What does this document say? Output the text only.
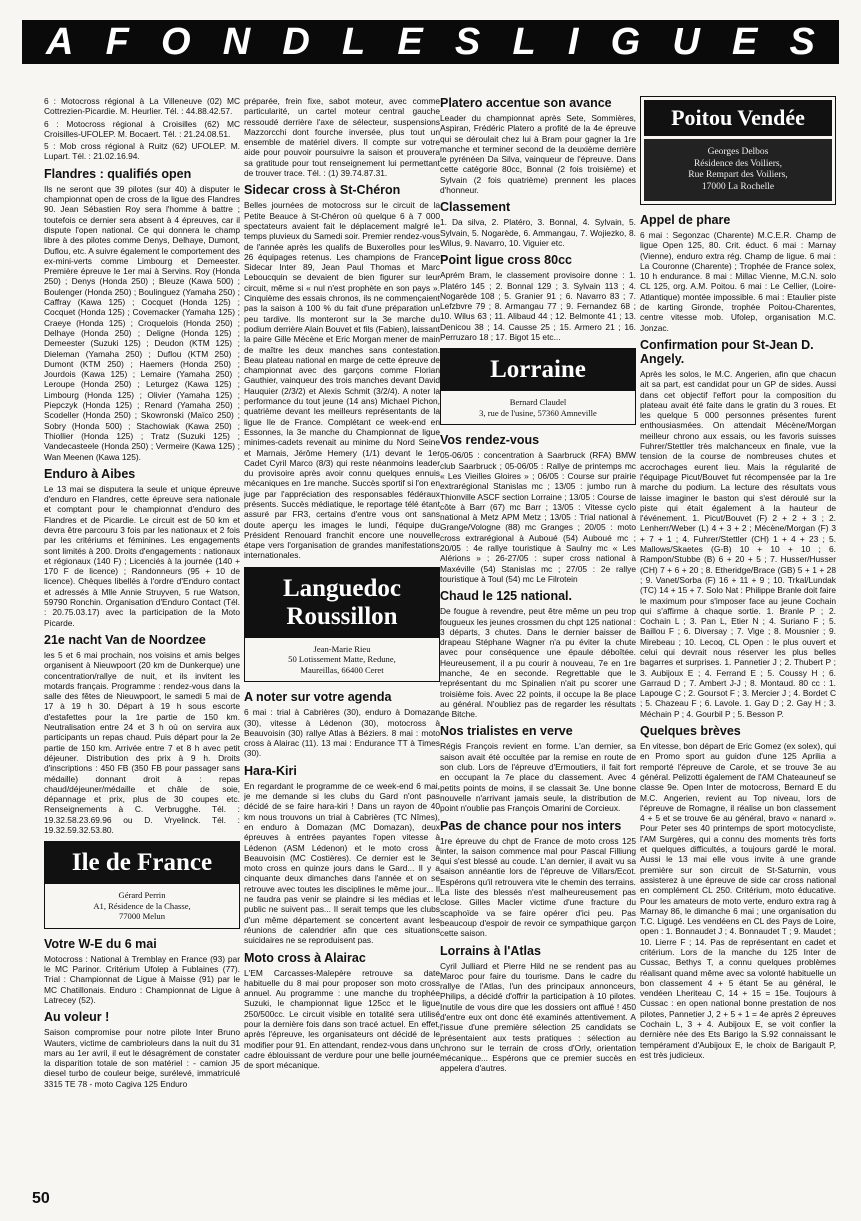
A F O N D L E S L I G U E S

6 : Motocross régional à La Villeneuve (02) MC Cottrezien-Picardie. M. Heurlier. Tél. : 44.88.42.57.

6 : Motocross régional à Croisilles (62) MC Croisilles-UFOLEP. M. Bocaert. Tél. : 21.24.08.51.

5 : Mob cross régional à Ruitz (62) UFOLEP. M. Lupart. Tél. : 21.02.16.94.

Flandres : qualifiés open

Ils ne seront que 39 pilotes (sur 40) à disputer le championnat open de cross de la ligue des Flandres 90. Jean Sébastien Roy sera l'homme à battre ; toutefois ce dernier sera absent à 4 épreuves, car il dispute l'open national. Ce qui donnera le champ libre à des pilotes comme Denys, Delhaye, Dumont, Duflou, etc. A suivre également le comportement des ex-mini-verts comme Limbourg et Demeester. Première épreuve le 1er mai à Servins. Roy (Honda 250) ; Denys (Honda 250) ; Bleuze (Kawa 500) ; Boulenger (Honda 250) ; Boulinguez (Yamaha 250) ; Caffray (Kawa 125) ; Cocquet (Honda 125) ; Cocquet (Honda 125) ; Covemacker (Yamaha 125) ; Craeye (Honda 125) ; Croquelois (Honda 250) ; Delhaye (Honda 250) ; Deligne (Honda 125) ; Demeester (Suzuki 125) ; Deudon (KTM 125) ; Dieleman (Yamaha 250) ; Duflou (KTM 250) ; Dumont (KTM 250) ; Haemers (Honda 250) ; Jourdois (Kawa 125) ; Lemaire (Yamaha 250) ; Leroupe (Honda 250) ; Leturgez (Kawa 125) ; Limbourg (Honda 125) ; Olivier (Yamaha 125) ; Piepczyk (Honda 125) ; Renard (Yamaha 250) ; Scodeller (Honda 250) ; Skowronski (Maïco 250) ; Sobry (Honda 500) ; Stachowiak (Kawa 250) ; Thiollier (Honda 125) ; Tratz (Suzuki 125) ; Vandecasteele (Honda 250) ; Vermeire (Kawa 125) ; Wan Meenen (Kawa 125).

Enduro à Aibes

Le 13 mai se disputera la seule et unique épreuve d'enduro en Flandres, cette épreuve sera nationale et comptant pour le championnat d'enduro des Flandres et de Picardie. Le circuit est de 50 km et devra être parcouru 3 fois par les nationaux et 2 fois par les critériums et féminines. Les engagements sont limités à 200. Droits d'engagements : nationaux et régionaux (140 F) ; Licenciés à la journée (140 + 170 F de licence) ; Randonneurs (95 + 10 de licence). Chèques libellés à l'ordre d'Enduro contact et adressés à Mlle Annie Struyven, 5 rue Watson, 59790 Ronchin. Organisation d'Enduro Contact (Tél. : 20.75.03.17) avec la participation de la Moto Picarde.

21e nacht Van de Noordzee

les 5 et 6 mai prochain, nos voisins et amis belges organisent à Nieuwpoort (20 km de Dunkerque) une concentration/rallye de nuit, et ils invitent les motards français. Programme : rendez-vous dans la salle des fêtes de Nieuwpoort, le samedi 5 mai de 17 à 19 h 30. Départ à 19 h sous escorte d'estafettes pour la 1re partie de 150 km. Neutralisation entre 24 et 3 h où on servira aux participants un repas chaud. Puis départ pour la 2e partie de 150 km. Arrivée entre 7 et 8 h avec petit déjeuner. Distribution des prix à 9 h. Droits d'inscriptions : 450 FB (350 FB pour passager sans médaille) donnant droit à : repas chaud/déjeuner/médaille et châle de soie, dépannage et prix, plus de 30 coupes etc. Renseignements à C. Verbrugghe. Tél. : 19.32.58.23.69.96 ou D. Vryelinck. Tél. : 19.32.59.32.53.80.

Ile de France
Gérard Perrin
A1, Résidence de la Chasse,
77000 Melun
Votre W-E du 6 mai

Motocross : National à Tremblay en France (93) par le MC Parinor. Critérium Ufolep à Fublaines (77). Trial : Championnat de Ligue à Maisse (91) par le MC Chatillonais. Enduro : Championnat de Ligue à Latrecey (52).

Au voleur !

Saison compromise pour notre pilote Inter Bruno Wauters, victime de cambrioleurs dans la nuit du 31 mars au 1er avril, il eut le désagrément de constater la disparition totale de son matériel : - camion J5 diesel turbo de couleur beige, surélevé, immatriculé 3315 TE 78 - moto Cagiva 125 Enduro

préparée, frein fixe, sabot moteur, avec comme particularité, un cartel moteur central gauche ressoudé derrière l'axe de sélecteur, suspensions Mazzorcchi dont fourche inversée, plus tout un ensemble de matériel divers. Il compte sur votre aide pour pouvoir poursuivre la saison et prouvera sa gratitude pour tout renseignement lui permettant de trouver trace. Tél. : (1) 39.74.87.31.

Sidecar cross à St-Chéron

Belles journées de motocross sur le circuit de la Petite Beauce à St-Chéron où quelque 6 à 7 000 spectateurs avaient fait le déplacement malgré le temps pluvieux du Samedi soir. Premier rendez-vous de l'année après les qualifs de Buxerolles pour les 26 équipages retenus. Les champions de France Sidecar Inter 89, Jean Paul Thomas et Marc Leboucquin se devaient de bien figurer sur leur circuit, même si « nul n'est prophète en son pays ». Cinquième des essais chronos, ils ne commençaient pas la saison à 100 % du fait d'une préparation un peu tardive. Ils monteront sur la 3e marche du podium derrière Alain Bouvet et fils (Fabien), laissant la paire Gille Mécène et Eric Morgan mener de main de maître les deux manches sans contestation. Beau plateau national en marge de cette épreuve de championnat avec des garçons comme Florian Gauthier, vainqueur des trois manches devant David Hauquier (2/3/2) et Alexis Schmit (3/2/4). A noter la performance du tout jeune (14 ans) Michael Pichon, quatrième devant les meilleurs représentants de la ligue Ile de France. Complétant ce week-end en Essonnes, la 3e manche du Championnat de ligue minimes-cadets revenait au minime du Nord Seine et Marnais, Jérôme Hemery (1/1) devant le 1er Cadet Cyril Marco (8/3) qui reste néanmoins leader du provisoire après avoir connu quelques ennuis mécaniques en 1re manche. Succès sportif si l'on en juge par l'appréciation des responsables fédéraux présents. Succès médiatique, le reportage télé étant assuré par FR3, certains d'entre vous ont sans doute aperçu les images le lundi, l'équipe du Président Renouard franchit encore une nouvelle étape vers l'organisation de grandes manifestations internationales.

Languedoc Roussillon
Jean-Marie Rieu
50 Lotissement Matte, Redune,
Maureillas, 66400 Ceret
A noter sur votre agenda

6 mai : trial à Cabrières (30), enduro à Domazan (30), vitesse à Lédenon (30), motocross à Beauvoisin (30) rallye Atlas à Béziers. 8 mai : moto cross à Alairac (11). 13 mai : Endurance TT à Times (30).

Hara-Kiri

En regardant le programme de ce week-end 6 mai, je me demande si les clubs du Gard n'ont pas décidé de se faire hara-kiri ! Dans un rayon de 40 km nous trouvons un trial à Cabrières (TC Nîmes), en enduro à Domazan (MC Domazan), deux épreuves à entrées payantes l'open vitesse à Lédenon (ASM Lédenon) et le moto cross à Beauvoisin (MC Costières). Ce dernier est le 3e moto cross en quinze jours dans le Gard... Il y a cinquante deux dimanches dans l'année et on se retrouve avec toutes les disciplines le même jour... Il ne faudra pas venir se plaindre si les médias et le public ne suivent pas... Il serait temps que les clubs d'un même département se concertent avant les réunions de calendrier afin que ces situations suicidaires ne se reproduisent pas.

Moto cross à Alairac

L'EM Carcasses-Malepère retrouve sa date habituelle du 8 mai pour proposer son moto cross annuel. Au programme : une manche du trophée Suzuki, le championnat ligue 125cc et le ligue 250/500cc. Le circuit visible en totalité sera utilisé pour la dernière fois dans son tracé actuel. En effet, après l'épreuve, les organisateurs ont décidé de le modifier pour 91. En attendant, rendez-vous dans un cadre éblouissant de verdure pour une belle journée de sport mécanique.

Platero accentue son avance

Leader du championnat après Sete, Sommières, Aspiran, Frédéric Platero a profité de la 4e épreuve qui se déroulait chez lui à Bram pour gagner la 1re manche et terminer second de la deuxième derrière le pyrénéen Da Silva, vainqueur de l'épreuve. Dans cette catégorie 80cc, Bonnal (2 fois troisième) et Sylvain (2 fois quatrième) prennent les places d'honneur.

Classement

1. Da silva, 2. Platéro, 3. Bonnal, 4. Sylvain, 5. Sylvain, 5. Nogarède, 6. Ammangau, 7. Wojiezko, 8. Wilus, 9. Navarro, 10. Viguier etc.

Point ligue cross 80cc

Aprém Bram, le classement provisoire donne : 1. Platéro 145 ; 2. Bonnal 129 ; 3. Sylvain 113 ; 4. Nogarède 108 ; 5. Granier 91 ; 6. Navarro 83 ; 7. Lefzbvre 79 ; 8. Armangau 77 ; 9. Fernandez 68 ; 10. Wilus 63 ; 11. Alibaud 44 ; 12. Belmonte 41 ; 13. Denicou 38 ; 14. Causse 25 ; 15. Armero 21 ; 16. Perruzaro 18 ; 17. Bigot 15 etc...

Lorraine
Bernard Claudel
3, rue de l'usine, 57360 Amneville
Vos rendez-vous

05-06/05 : concentration à Saarbruck (RFA) BMW club Saarbruck ; 05-06/05 : Rallye de printemps mc « Les Vieilles Gloires » ; 06/05 : Course sur prairie extrarégional Stanislas mc ; 13/05 : jumbo run à Thionville ASCF section Lorraine ; 13/05 : Course de côte à Barr (67) mc Barr ; 13/05 : Vitesse cyclo national à Metz APM Metz ; 13/05 : Trial national à Grange/Vologne (88) mc Granges ; 20/05 : moto cross extrarégional à Auboué (54) Auboué mc ; 20/05 : 4e rallye touristique à Saulny mc « Les Alérions » ; 26-27/05 : super cross national à Maxéville (54) Stanislas mc ; 27/05 : 2e rallye touristique à Toul (54) mc Le Filrotein

Chaud le 125 national.

De fougue à revendre, peut être même un peu trop fougueux les jeunes crossmen du chpt 125 national : 3 départs, 3 chutes. Dans le dernier baisser de drapeau Stéphane Wagner n'a pu éviter la chute avec pour conséquence une épaule déboîtée. Heureusement, il a pu courir à nouveau, 7e en 1re manche, 4e en seconde. Regrettable que le représentant du mc Spinalien n'ait pu scorer une troisième fois. Avec 22 points, il occupe la 8e place au général. N'oubliez pas de regarder les résultats de Bitche.

Nos trialistes en verve

Régis François revient en forme. L'an dernier, sa saison avait été occultée par la remise en route de son club. Lors de l'épreuve d'Ermoutiers, il fait fort en occupant la 7e place du classement. Avec 4 petits points de moins, il se classait 3e. Une bonne nouvelle n'arrivant jamais seule, la distribution de point n'oublie pas François Omarini de Corcieux.

Pas de chance pour nos inters

1re épreuve du chpt de France de moto cross 125 inter, la saison commence mal pour Pascal Filliung qui s'est blessé au coude. L'an dernier, il avait vu sa saison annéantie lors de l'épreuve de Villars/Ecot. Espérons qu'il retrouvera vite le chemin des terrains. La liste des blessés n'est malheureusement pas close. Gilles Macler victime d'une fracture du scaphoïde va se faire opérer d'ici peu. Pas beaucoup d'espoir de revoir ce sympathique garçon cette saison.

Lorrains à l'Atlas

Cyril Julliard et Pierre Hild ne se rendent pas au Maroc pour faire du tourisme. Dans le cadre du rallye de l'Atlas, l'un des principaux annonceurs, Philips, a décidé d'offrir la participation à 10 pilotes. Inutile de vous dire que les dossiers ont afflué ! 450 d'entre eux ont donc été examinés attentivement. A l'issue d'une première sélection 25 candidats se présentaient aux tests pratiques : sélection au chrono sur le terrain de cross d'Orly, orientation mécanique... Espérons que ce premier succès en appelera d'autres.

Poitou Vendée
Georges Delbos
Résidence des Voiliers,
Rue Rempart des Voiliers,
17000 La Rochelle
Appel de phare

6 mai : Segonzac (Charente) M.C.E.R. Champ de ligue Open 125, 80. Crit. éduct. 6 mai : Marnay (Vienne), enduro extra rég. Champ de ligue. 6 mai : La Couronne (Charente) ; Trophée de France solex, 10 h endurance. 8 mai : Millac Vienne, M.C.N. solo CL 125, org. A.M. Poitou. 6 mai : Le Cellier, (Loire-Atlantique) montée impossible. 6 mai : Etaulier piste de karting Gironde, trophée Poitou-Charentes, centre vitesse mob. Ufolep, organisation M.C. Jonzac.

Confirmation pour St-Jean D. Angely.

Après les solos, le M.C. Angerien, afin que chacun ait sa part, est candidat pour un GP de sides. Aussi dans cet objectif l'effort pour la composition du plateau avait été faite dans le gratin du 3 roues. Et les quelque 5 000 personnes présentes furent enthousiasmées. On attendait Mécène/Morgan meilleur chrono aux essais, ou les favoris suisses Fuhrer/Stettler très malchanceux en finale, vue la tension de la course de nombreuses chutes et accrochages eurent lieu. Mais la régularité de l'équipage Picut/Bouvet fut récompensée par la 1re marche du podium. La lecture des résultats vous laisse imaginer le baston qui s'est déroulé sur la piste qui était également à la hauteur de l'événement. 1. Picut/Bouvet (F) 2 + 2 + 3 ; 2. Lenherr/Weber (L) 4 + 3 + 2 ; Mécène/Morgan (F) 3 + 7 + 1 ; 4. Fuhrer/Stettler (CH) 1 + 4 + 23 ; 5. Mallows/Skaetes (G-B) 10 + 10 + 10 ; 6. Rampon/Stubbe (B) 6 + 20 + 5 ; 7. Husser/Husser (CH) 7 + 6 + 20 ; 8. Etheridge/Brace (GB) 5 + 1 + 28 ; 9. Vanet/Sorba (F) 16 + 11 + 9 ; 10. Trkal/Lundak (TC) 14 + 15 + 7. Solo Nat : Philippe Branle doit faire le maximum pour s'imposer face au jeune Cochain qui s'affirme à chaque sortie. 1. Branle P ; 2. Cochain L ; 3. Pan L, Etier N ; 4. Suriano F ; 5. Baillou F ; 6. Diversay ; 7. Vige ; 8. Mousnier ; 9. Mirebeau ; 10. Lecoq, CL Open : le plus ouvert et celui qui devrait nous réserver les plus belles bagarres et surprises. 1. Pannetier J ; 2. Thubert P ; 3. Aubijoux E ; 4. Ferrand E ; 5. Coussy H ; 6. Garraud D ; 7. Ambert J-J ; 8. Montaud. 80 cc : 1. Lapouge C ; 2. Goursot F ; 3. Mercier J ; 4. Bordet C ; 5. Chazeau F ; 6. Lavole. 1. Gay D ; 2. Gay H ; 3. Méchain P ; 4. Gourbil P ; 5. Besson P.

Quelques brèves

En vitesse, bon départ de Eric Gomez (ex solex), qui en Promo sport au guidon d'une 125 Aprilia a remporté l'épreuve de Carole, et se trouve 3e au général. Pelizotti également de l'AM Chateauneuf se classe 9e. Open Inter de motocross, Bernard E du M.C. Angerien, revient au Top niveau, lors de l'épreuve de Romagne, il réalise un bon classement 4 + 5 et se trouve 6e au général, bravo « nanard ». Pour Peter ses 40 printemps de sport motocycliste, l'AM Surgères, qui a connu des moments très forts et quelques difficultés, a toujours gardé le moral. Aussi le 13 mai elle vous invite à une grande première sur son circuit de St-Saturnin, vous assisterez à une épreuve de side car cross national en complément CL 250. Critérium, moto éducative. Pour les amateurs de moto verte, enduro extra rag à Marnay 86, le dimanche 6 mai ; une organisation du T.C. Ligugé. Les vendéens en CL des Pays de Loire, open : 1. Bonnaudet J ; 4. Bonnaudet T ; 9. Maudet ; 10. Lierre F ; 14. Pas de représentant en cadet et critérium. Lors de la manche du 125 Inter de Cussac, Bethys T, a connu quelques problèmes réalisant quand même avec sa volonté habituelle un bon classement 4 + 5 étant 5e au général, le vendéen Lheriteau C, 14 + 15 = 15e. Toujours à Cussac : en open national bonne prestation de nos pilotes, Pannetier J, 2 + 5 + 1 = 4e après 2 épreuves Cochain L, 3 + 4. Aubijoux E, se voit confier la dernière née des Ets Barigo la S.92 connaissant le tempérament d'Aubijoux E, le choix de Barigault P, est très judicieux.

50
